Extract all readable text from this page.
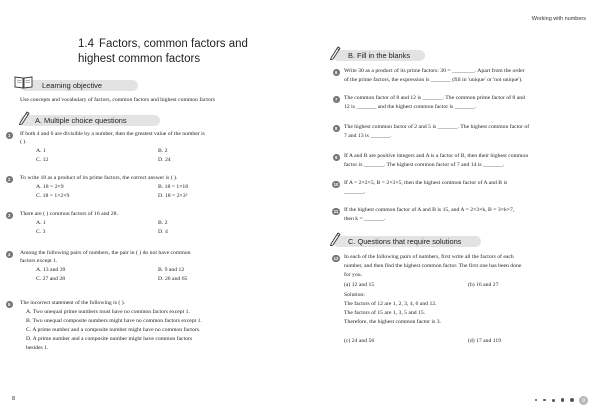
1.4 Factors, common factors and
highest common factors
Learning objective
Use concepts and vocabulary of factors, common factors and highest common factors
A. Multiple choice questions
1	If both 4 and 6 are divisible by a number, then the greatest value of the number is
( ).
A. 1	B. 2
C. 12	D. 24
2	To write 18 as a product of its prime factors, the correct answer is ( ).
A. 18 = 2×9	B. 18 = 1×18
C. 18 = 1×2×9	D. 18 = 2×3²
3	There are ( ) common factors of 16 and 28.
A. 1	B. 2
C. 3	D. 4
4	Among the following pairs of numbers, the pair in ( ) do not have common
factors except 1.
A. 13 and 39	B. 9 and 12
C. 27 and 28	D. 26 and 65
5	The incorrect statement of the following is ( ).
A. Two unequal prime numbers must have no common factors except 1.
B. Two unequal composite numbers might have no common factors except 1.
C. A prime number and a composite number might have no common factors.
D. A prime number and a composite number might have common factors
besides 1.
8
Working with numbers
B. Fill in the blanks
6	Write 30 as a product of its prime factors: 30 = ________. Apart from the order
of the prime factors, the expression is _______ (fill in 'unique' or 'not unique').
7	The common factor of 8 and 12 is _______. The common prime factor of 8 and
12 is _______ and the highest common factor is _______.
8	The highest common factor of 2 and 5 is _______. The highest common factor of
7 and 13 is _______.
9	If A and B are positive integers and A is a factor of B, then their highest common
factor is _______. The highest common factor of 7 and 14 is _______.
10 If A = 2×2×5, B = 2×3×5, then the highest common factor of A and B is
_______.
11	If the highest common factor of A and B is 15, and A = 2×3×k, B = 3×k×7,
then k = _______.
C. Questions that require solutions
12 In each of the following pairs of numbers, first write all the factors of each
number, and then find the highest common factor. The first one has been done
for you.
(a) 12 and 15	(b) 16 and 27
Solution:
The factors of 12 are 1, 2, 3, 4, 6 and 12.
The factors of 15 are 1, 3, 5 and 15.
Therefore, the highest common factor is 3.
(c) 24 and 56	(d) 17 and 119
9
